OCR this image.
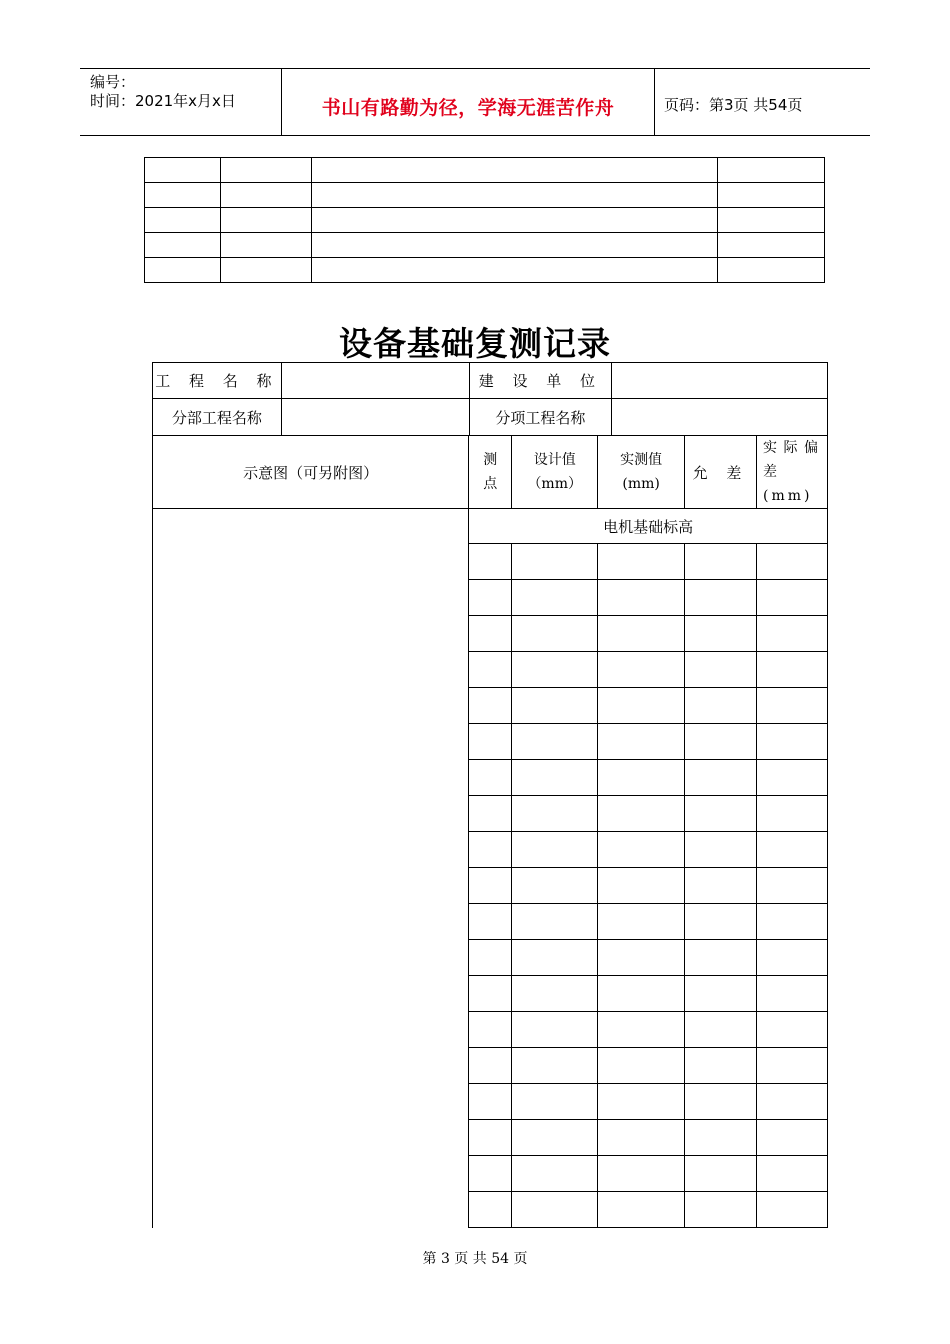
编号：
时间：2021年x月x日	书山有路勤为径，学海无涯苦作舟	页码：第3页 共54页

设备基础复测记录
工 程 名 称		建 设 单 位	
分部工程名称		分项工程名称	
示意图（可另附图）	测 点	设计值（mm）	实测值(mm)	允 差	实际偏差(mm)
	电机基础标高				

第 3 页 共 54 页
